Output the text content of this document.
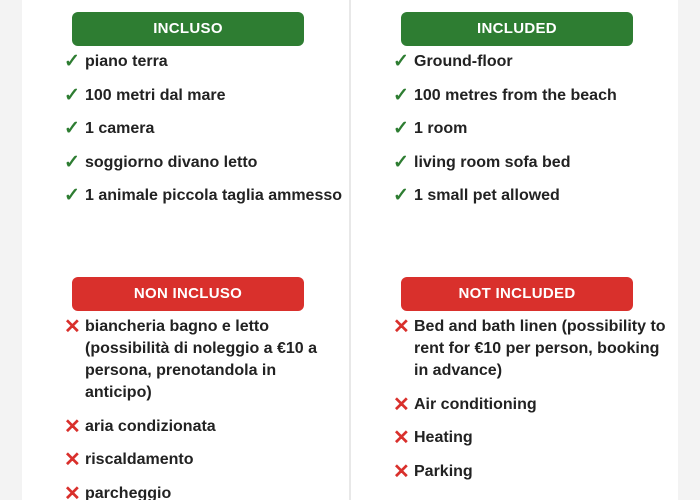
INCLUSO
✓ piano terra
✓ 100 metri dal mare
✓ 1 camera
✓ soggiorno divano letto
✓ 1 animale piccola taglia ammesso
NON INCLUSO
✕ biancheria bagno e letto (possibilità di noleggio a €10 a persona, prenotandola in anticipo)
✕ aria condizionata
✕ riscaldamento
✕ parcheggio
INCLUDED
✓ Ground-floor
✓ 100 metres from the beach
✓ 1 room
✓ living room sofa bed
✓ 1 small pet allowed
NOT INCLUDED
✕ Bed and bath linen (possibility to rent for €10 per person, booking in advance)
✕ Air conditioning
✕ Heating
✕ Parking
